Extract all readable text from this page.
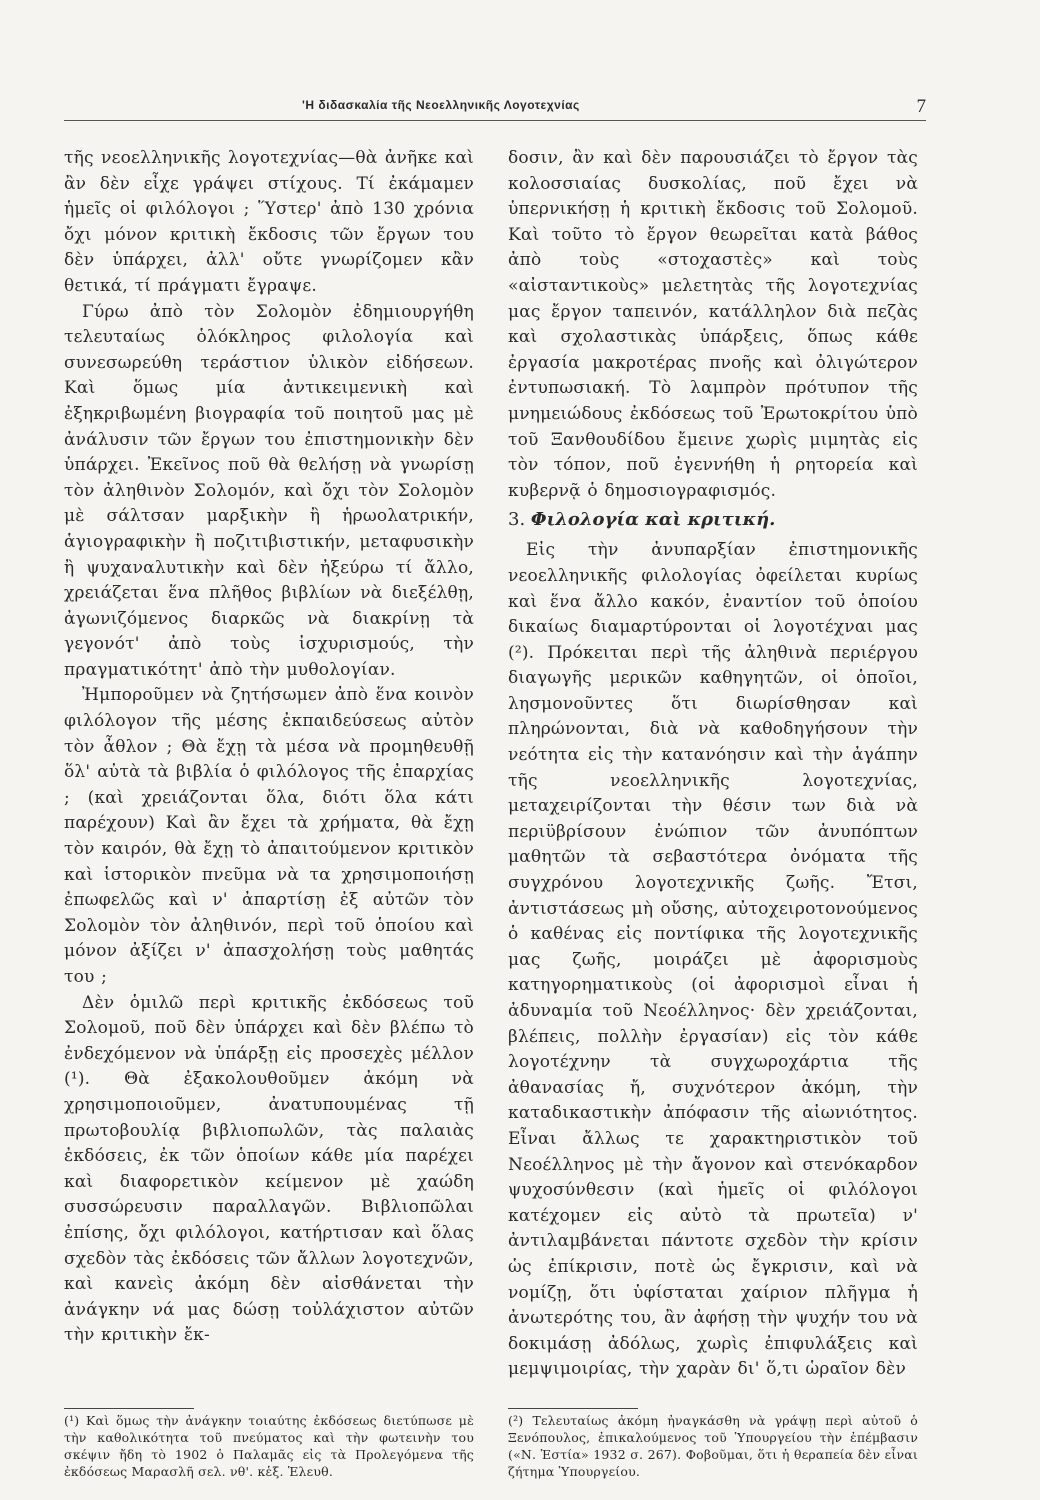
'Η διδασκαλία τῆς Νεοελληνικῆς Λογοτεχνίας	7

τῆς νεοελληνικῆς λογοτεχνίας—θὰ ἀνῆκε καὶ ἂν δὲν εἶχε γράψει στίχους. Τί ἐκάμαμεν ἡμεῖς οἱ φιλόλογοι ; Ὕστερ' ἀπὸ 130 χρόνια ὄχι μόνον κριτικὴ ἔκδοσις τῶν ἔργων του δὲν ὑπάρχει, ἀλλ' οὔτε γνωρίζομεν κἂν θετικά, τί πράγματι ἔγραψε.

Γύρω ἀπὸ τὸν Σολομὸν ἐδημιουργήθη τελευταίως ὁλόκληρος φιλολογία καὶ συνεσωρεύθη τεράστιον ὑλικὸν εἰδήσεων. Καὶ ὅμως μία ἀντικειμενικὴ καὶ ἐξηκριβωμένη βιογραφία τοῦ ποιητοῦ μας μὲ ἀνάλυσιν τῶν ἔργων του ἐπιστημονικὴν δὲν ὑπάρχει. Ἐκεῖνος ποῦ θὰ θελήσῃ νὰ γνωρίσῃ τὸν ἀληθινὸν Σολομόν, καὶ ὄχι τὸν Σολομὸν μὲ σάλτσαν μαρξικὴν ἢ ἡρωολατρικήν, ἁγιογραφικὴν ἢ ποζιτιβιστικήν, μεταφυσικὴν ἢ ψυχαναλυτικὴν καὶ δὲν ἠξεύρω τί ἄλλο, χρειάζεται ἕνα πλῆθος βιβλίων νὰ διεξέλθῃ, ἀγωνιζόμενος διαρκῶς νὰ διακρίνῃ τὰ γεγονότ' ἀπὸ τοὺς ἰσχυρισμούς, τὴν πραγματικότητ' ἀπὸ τὴν μυθολογίαν.

Ἠμποροῦμεν νὰ ζητήσωμεν ἀπὸ ἕνα κοινὸν φιλόλογον τῆς μέσης ἐκπαιδεύσεως αὐτὸν τὸν ἆθλον ; Θὰ ἔχῃ τὰ μέσα νὰ προμηθευθῇ ὅλ' αὐτὰ τὰ βιβλία ὁ φιλόλογος τῆς ἐπαρχίας ; (καὶ χρειάζονται ὅλα, διότι ὅλα κάτι παρέχουν) Καὶ ἂν ἔχει τὰ χρήματα, θὰ ἔχῃ τὸν καιρόν, θὰ ἔχῃ τὸ ἀπαιτούμενον κριτικὸν καὶ ἱστορικὸν πνεῦμα νὰ τα χρησιμοποιήσῃ ἐπωφελῶς καὶ ν' ἀπαρτίσῃ ἐξ αὐτῶν τὸν Σολομὸν τὸν ἀληθινόν, περὶ τοῦ ὁποίου καὶ μόνον ἀξίζει ν' ἀπασχολήσῃ τοὺς μαθητάς του ;

Δὲν ὁμιλῶ περὶ κριτικῆς ἐκδόσεως τοῦ Σολομοῦ, ποῦ δὲν ὑπάρχει καὶ δὲν βλέπω τὸ ἐνδεχόμενον νὰ ὑπάρξῃ εἰς προσεχὲς μέλλον (¹). Θὰ ἐξακολουθοῦμεν ἀκόμη νὰ χρησιμοποιοῦμεν, ἀνατυπουμένας τῇ πρωτοβουλίᾳ βιβλιοπωλῶν, τὰς παλαιὰς ἐκδόσεις, ἐκ τῶν ὁποίων κάθε μία παρέχει καὶ διαφορετικὸν κείμενον μὲ χαώδη συσσώρευσιν παραλλαγῶν. Βιβλιοπῶλαι ἐπίσης, ὄχι φιλόλογοι, κατήρτισαν καὶ ὅλας σχεδὸν τὰς ἐκδόσεις τῶν ἄλλων λογοτεχνῶν, καὶ κανεὶς ἀκόμη δὲν αἰσθάνεται τὴν ἀνάγκην νά μας δώσῃ τοὐλάχιστον αὐτῶν τὴν κριτικὴν ἔκ-

δοσιν, ἂν καὶ δὲν παρουσιάζει τὸ ἔργον τὰς κολοσσιαίας δυσκολίας, ποῦ ἔχει νὰ ὑπερνικήσῃ ἡ κριτικὴ ἔκδοσις τοῦ Σολομοῦ. Καὶ τοῦτο τὸ ἔργον θεωρεῖται κατὰ βάθος ἀπὸ τοὺς «στοχαστὲς» καὶ τοὺς «αἰσταντικοὺς» μελετητὰς τῆς λογοτεχνίας μας ἔργον ταπεινόν, κατάλληλον διὰ πεζὰς καὶ σχολαστικὰς ὑπάρξεις, ὅπως κάθε ἐργασία μακροτέρας πνοῆς καὶ ὀλιγώτερον ἐντυπωσιακή. Τὸ λαμπρὸν πρότυπον τῆς μνημειώδους ἐκδόσεως τοῦ Ἐρωτοκρίτου ὑπὸ τοῦ Ξανθουδίδου ἔμεινε χωρὶς μιμητὰς εἰς τὸν τόπον, ποῦ ἐγεννήθη ἡ ρητορεία καὶ κυβερνᾷ ὁ δημοσιογραφισμός.

3. Φιλολογία καὶ κριτική.

Εἰς τὴν ἀνυπαρξίαν ἐπιστημονικῆς νεοελληνικῆς φιλολογίας ὀφείλεται κυρίως καὶ ἕνα ἄλλο κακόν, ἐναντίον τοῦ ὁποίου δικαίως διαμαρτύρονται οἱ λογοτέχναι μας (²). Πρόκειται περὶ τῆς ἀληθινὰ περιέργου διαγωγῆς μερικῶν καθηγητῶν, οἱ ὁποῖοι, λησμονοῦντες ὅτι διωρίσθησαν καὶ πληρώνονται, διὰ νὰ καθοδηγήσουν τὴν νεότητα εἰς τὴν κατανόησιν καὶ τὴν ἀγάπην τῆς νεοελληνικῆς λογοτεχνίας, μεταχειρίζονται τὴν θέσιν των διὰ νὰ περιϋβρίσουν ἐνώπιον τῶν ἀνυπόπτων μαθητῶν τὰ σεβαστότερα ὀνόματα τῆς συγχρόνου λογοτεχνικῆς ζωῆς. Ἔτσι, ἀντιστάσεως μὴ οὔσης, αὐτοχειροτονούμενος ὁ καθένας εἰς ποντίφικα τῆς λογοτεχνικῆς μας ζωῆς, μοιράζει μὲ ἀφορισμοὺς κατηγορηματικοὺς (οἱ ἀφορισμοὶ εἶναι ἡ ἀδυναμία τοῦ Νεοέλληνος· δὲν χρειάζονται, βλέπεις, πολλὴν ἐργασίαν) εἰς τὸν κάθε λογοτέχνην τὰ συγχωροχάρτια τῆς ἀθανασίας ἤ, συχνότερον ἀκόμη, τὴν καταδικαστικὴν ἀπόφασιν τῆς αἰωνιότητος. Εἶναι ἄλλως τε χαρακτηριστικὸν τοῦ Νεοέλληνος μὲ τὴν ἄγονον καὶ στενόκαρδον ψυχοσύνθεσιν (καὶ ἡμεῖς οἱ φιλόλογοι κατέχομεν εἰς αὐτὸ τὰ πρωτεῖα) ν' ἀντιλαμβάνεται πάντοτε σχεδὸν τὴν κρίσιν ὡς ἐπίκρισιν, ποτὲ ὡς ἔγκρισιν, καὶ νὰ νομίζῃ, ὅτι ὑφίσταται χαίριον πλῆγμα ἡ ἀνωτερότης του, ἂν ἀφήσῃ τὴν ψυχήν του νὰ δοκιμάσῃ ἀδόλως, χωρὶς ἐπιφυλάξεις καὶ μεμψιμοιρίας, τὴν χαρὰν δι' ὅ,τι ὡραῖον δὲν

(¹) Καὶ ὅμως τὴν ἀνάγκην τοιαύτης ἐκδόσεως διετύπωσε μὲ τὴν καθολικότητα τοῦ πνεύματος καὶ τὴν φωτεινὴν του σκέψιν ἤδη τὸ 1902 ὁ Παλαμᾶς εἰς τὰ Προλεγόμενα τῆς ἐκδόσεως Μαρασλῆ σελ. νθ'. κἑξ. Ἑλευθ.

(²) Τελευταίως ἀκόμη ἠναγκάσθη νὰ γράψῃ περὶ αὐτοῦ ὁ Ξενόπουλος, ἐπικαλούμενος τοῦ Ὑπουργείου τὴν ἐπέμβασιν («Ν. Ἑστία» 1932 σ. 267). Φοβοῦμαι, ὅτι ἡ θεραπεία δὲν εἶναι ζήτημα Ὑπουργείου.
